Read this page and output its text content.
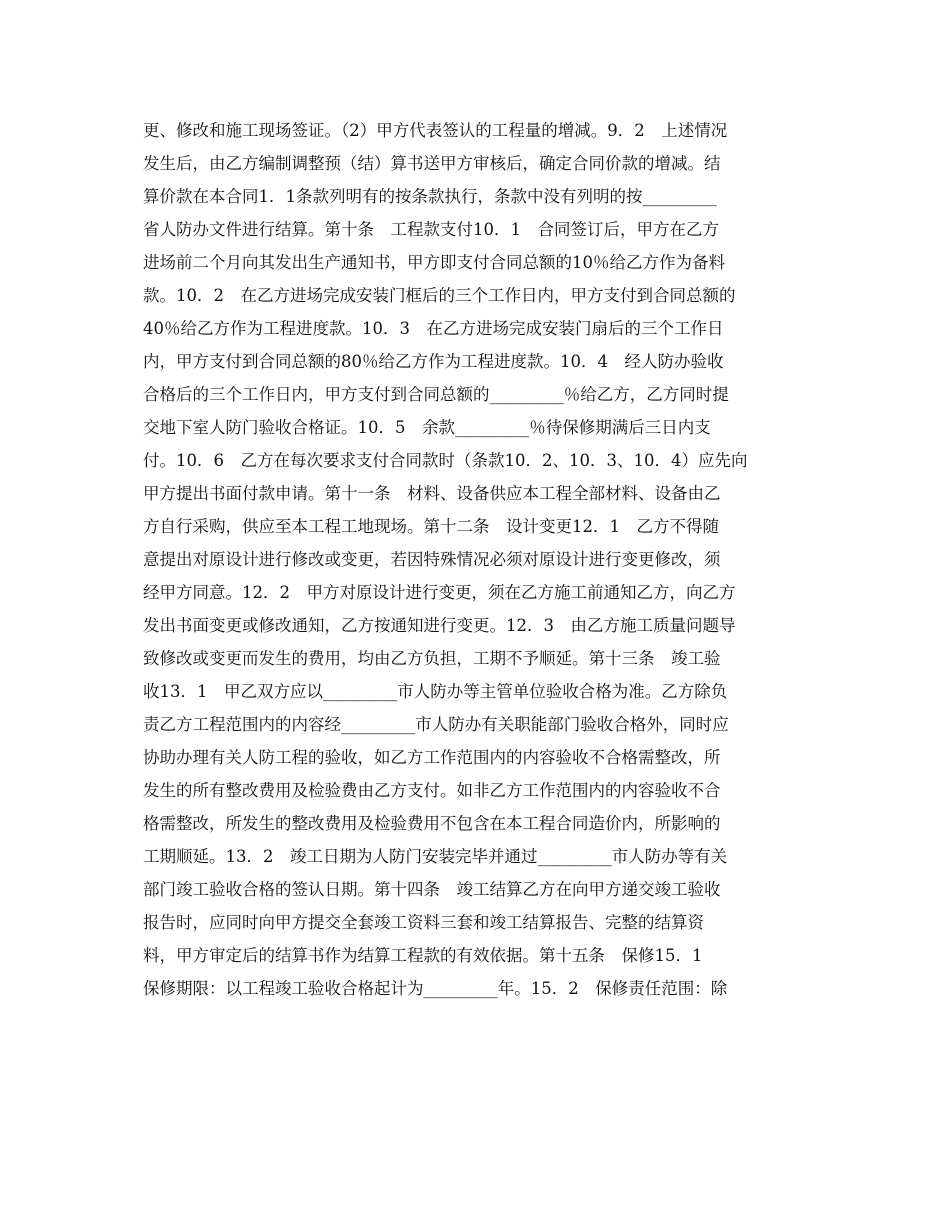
更、修改和施工现场签证。（2）甲方代表签认的工程量的增减。9．2　上述情况
发生后，由乙方编制调整预（结）算书送甲方审核后，确定合同价款的增减。结
算价款在本合同1．1条款列明有的按条款执行，条款中没有列明的按_________
省人防办文件进行结算。第十条　工程款支付10．1　合同签订后，甲方在乙方
进场前二个月向其发出生产通知书，甲方即支付合同总额的10％给乙方作为备料
款。10．2　在乙方进场完成安装门框后的三个工作日内，甲方支付到合同总额的
40％给乙方作为工程进度款。10．3　在乙方进场完成安装门扇后的三个工作日
内，甲方支付到合同总额的80％给乙方作为工程进度款。10．4　经人防办验收
合格后的三个工作日内，甲方支付到合同总额的_________％给乙方，乙方同时提
交地下室人防门验收合格证。10．5　余款_________％待保修期满后三日内支
付。10．6　乙方在每次要求支付合同款时（条款10．2、10．3、10．4）应先向
甲方提出书面付款申请。第十一条　材料、设备供应本工程全部材料、设备由乙
方自行采购，供应至本工程工地现场。第十二条　设计变更12．1　乙方不得随
意提出对原设计进行修改或变更，若因特殊情况必须对原设计进行变更修改，须
经甲方同意。12．2　甲方对原设计进行变更，须在乙方施工前通知乙方，向乙方
发出书面变更或修改通知，乙方按通知进行变更。12．3　由乙方施工质量问题导
致修改或变更而发生的费用，均由乙方负担，工期不予顺延。第十三条　竣工验
收13．1　甲乙双方应以_________市人防办等主管单位验收合格为准。乙方除负
责乙方工程范围内的内容经_________市人防办有关职能部门验收合格外，同时应
协助办理有关人防工程的验收，如乙方工作范围内的内容验收不合格需整改，所
发生的所有整改费用及检验费由乙方支付。如非乙方工作范围内的内容验收不合
格需整改，所发生的整改费用及检验费用不包含在本工程合同造价内，所影响的
工期顺延。13．2　竣工日期为人防门安装完毕并通过_________市人防办等有关
部门竣工验收合格的签认日期。第十四条　竣工结算乙方在向甲方递交竣工验收
报告时，应同时向甲方提交全套竣工资料三套和竣工结算报告、完整的结算资
料，甲方审定后的结算书作为结算工程款的有效依据。第十五条　保修15．1
保修期限：以工程竣工验收合格起计为_________年。15．2　保修责任范围：除
